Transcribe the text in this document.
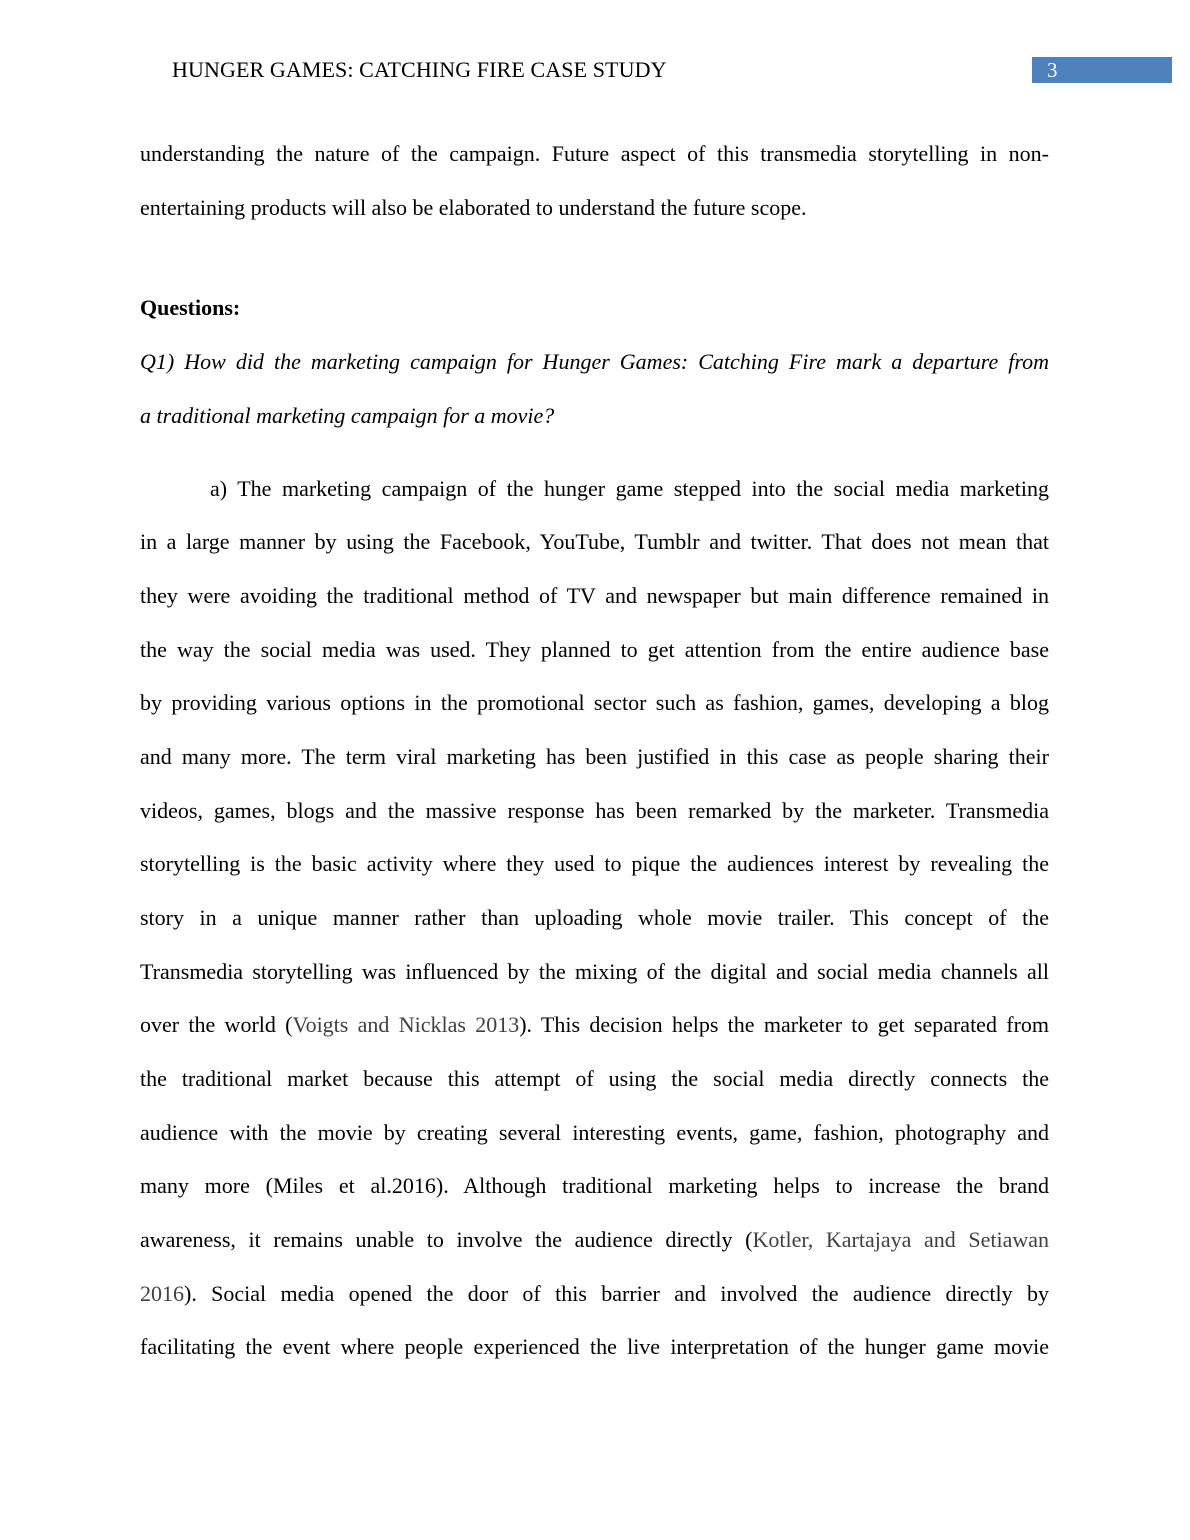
HUNGER GAMES: CATCHING FIRE CASE STUDY	3
understanding the nature of the campaign. Future aspect of this transmedia storytelling in non-
entertaining products will also be elaborated to understand the future scope.
Questions:
Q1) How did the marketing campaign for Hunger Games: Catching Fire mark a departure from
a traditional marketing campaign for a movie?
a) The marketing campaign of the hunger game stepped into the social media marketing
in a large manner by using the Facebook, YouTube, Tumblr and twitter. That does not mean that
they were avoiding the traditional method of TV and newspaper but main difference remained in
the way the social media was used. They planned to get attention from the entire audience base
by providing various options in the promotional sector such as fashion, games, developing a blog
and many more. The term viral marketing has been justified in this case as people sharing their
videos, games, blogs and the massive response has been remarked by the marketer. Transmedia
storytelling is the basic activity where they used to pique the audiences interest by revealing the
story in a unique manner rather than uploading whole movie trailer. This concept of the
Transmedia storytelling was influenced by the mixing of the digital and social media channels all
over the world (Voigts and Nicklas 2013). This decision helps the marketer to get separated from
the traditional market because this attempt of using the social media directly connects the
audience with the movie by creating several interesting events, game, fashion, photography and
many more (Miles et al.2016). Although traditional marketing helps to increase the brand
awareness, it remains unable to involve the audience directly (Kotler, Kartajaya and Setiawan
2016). Social media opened the door of this barrier and involved the audience directly by
facilitating the event where people experienced the live interpretation of the hunger game movie
